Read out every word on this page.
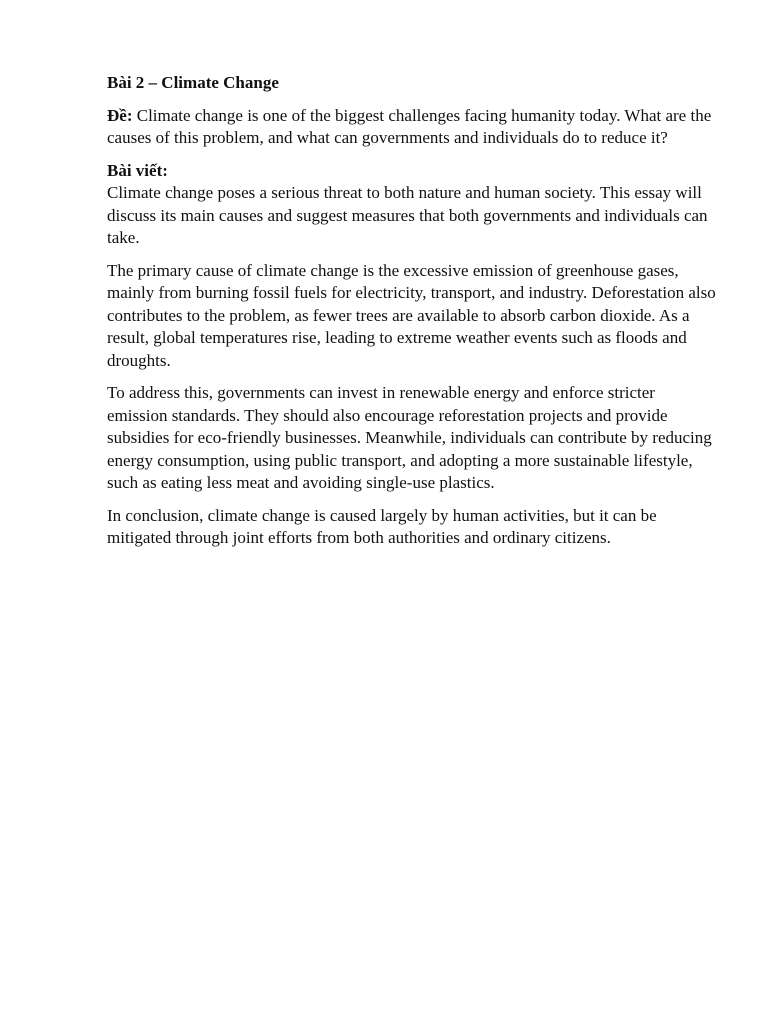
Bài 2 – Climate Change
Đề: Climate change is one of the biggest challenges facing humanity today. What are the causes of this problem, and what can governments and individuals do to reduce it?
Bài viết:

Climate change poses a serious threat to both nature and human society. This essay will discuss its main causes and suggest measures that both governments and individuals can take.

The primary cause of climate change is the excessive emission of greenhouse gases, mainly from burning fossil fuels for electricity, transport, and industry. Deforestation also contributes to the problem, as fewer trees are available to absorb carbon dioxide. As a result, global temperatures rise, leading to extreme weather events such as floods and droughts.

To address this, governments can invest in renewable energy and enforce stricter emission standards. They should also encourage reforestation projects and provide subsidies for eco-friendly businesses. Meanwhile, individuals can contribute by reducing energy consumption, using public transport, and adopting a more sustainable lifestyle, such as eating less meat and avoiding single-use plastics.

In conclusion, climate change is caused largely by human activities, but it can be mitigated through joint efforts from both authorities and ordinary citizens.
